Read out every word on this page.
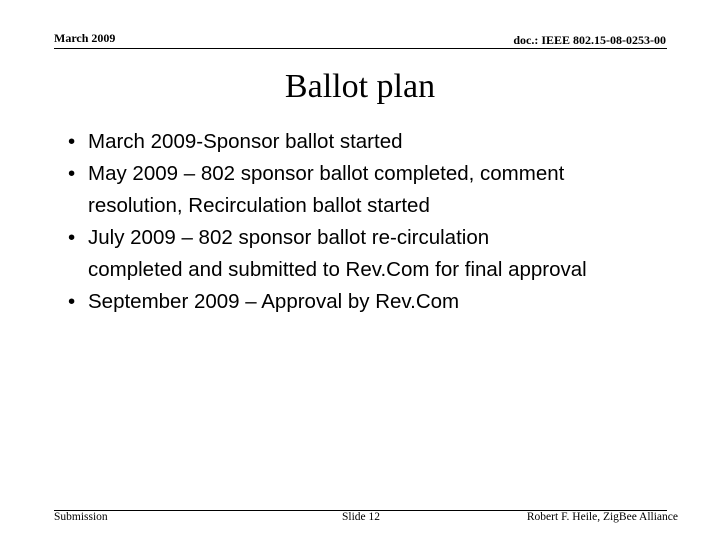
March 2009	doc.: IEEE 802.15-08-0253-00
Ballot plan
• March 2009-Sponsor ballot started
• May 2009 – 802 sponsor ballot completed, comment
resolution, Recirculation ballot started
• July 2009 – 802 sponsor ballot re-circulation
completed and submitted to Rev.Com for final approval
• September 2009 – Approval by Rev.Com
Submission	Slide 12	Robert F. Heile, ZigBee Alliance
